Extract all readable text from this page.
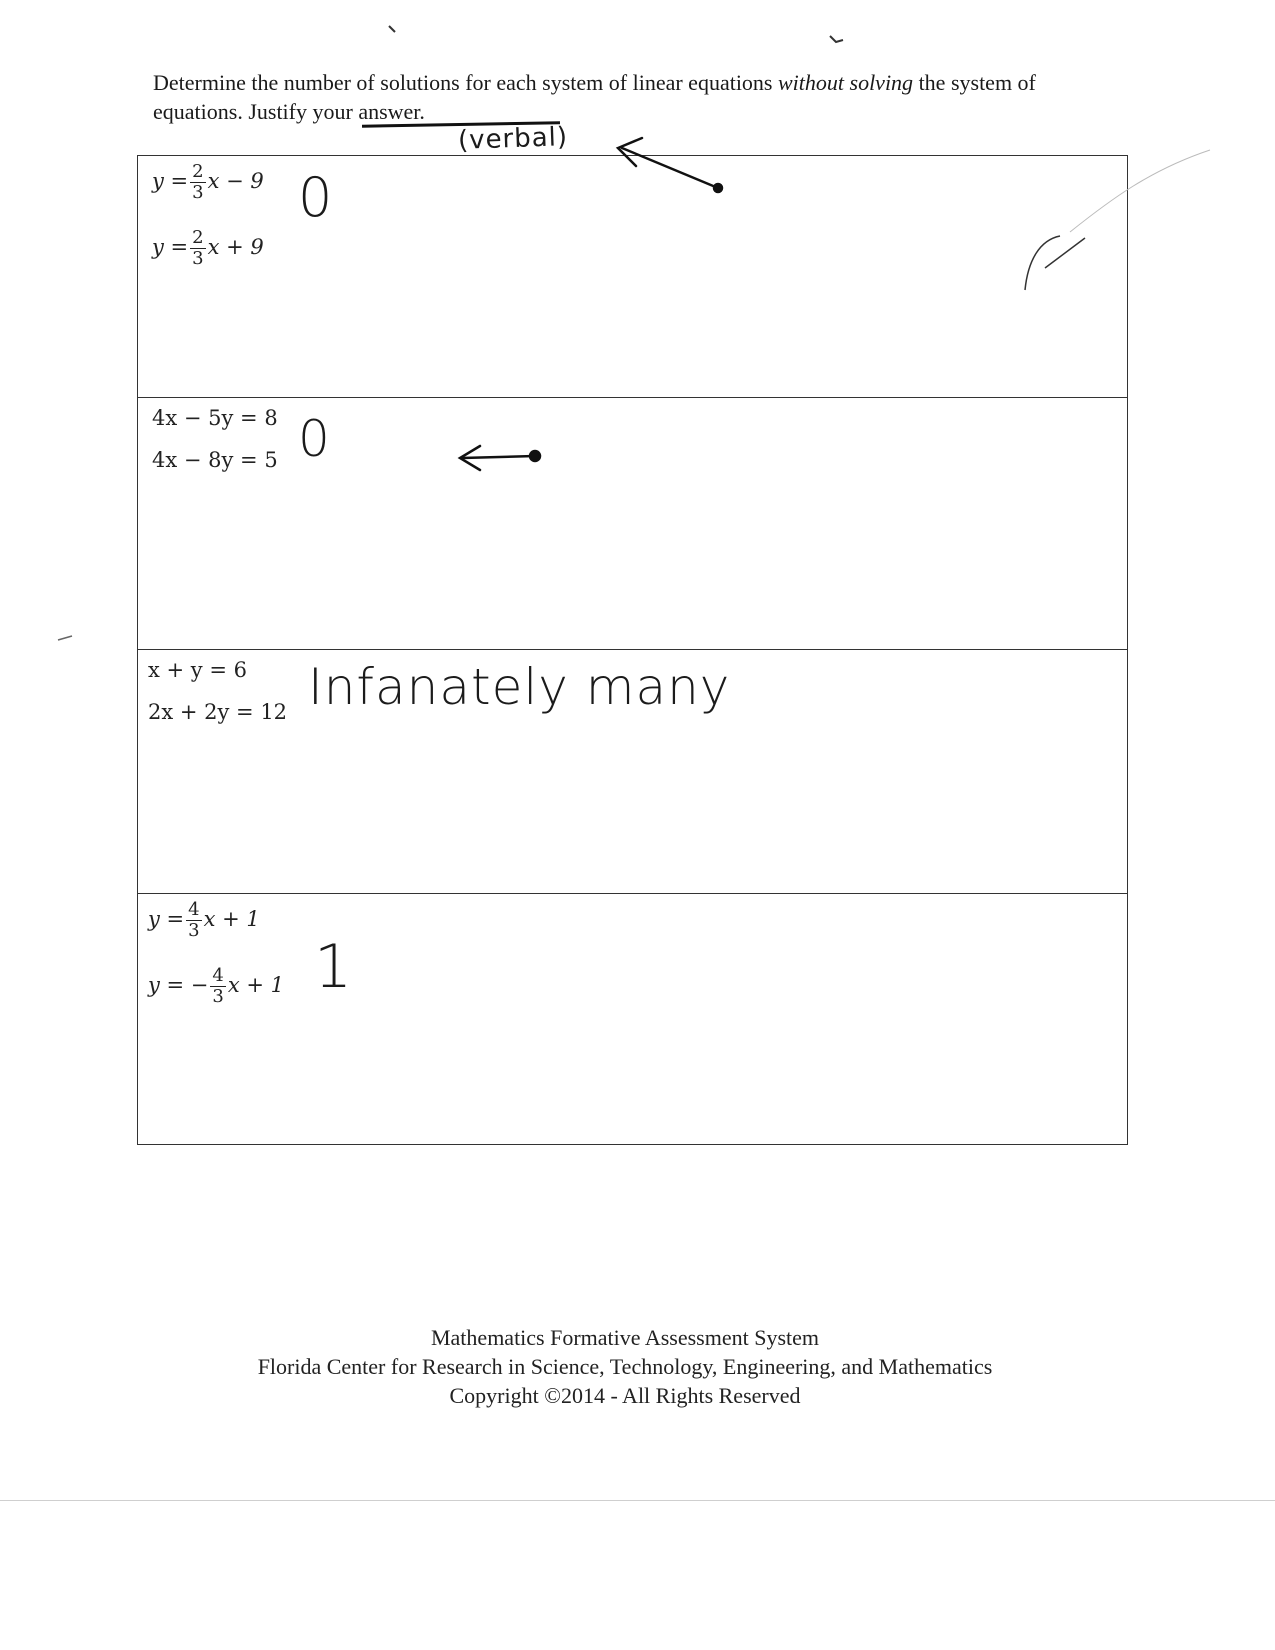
Determine the number of solutions for each system of linear equations without solving the system of equations. Justify your answer.
(verbal)
$y = \frac{2}{3}$ x − 9
$y = \frac{2}{3}$ x + 9
0
4x − 5y = 8
4x − 8y = 5 0
x + y = 6
2x + 2y = 12 Infanately many
$y = \frac{4}{3}$ x + 1
y = − $\frac{4}{3}$ x + 1 1
Mathematics Formative Assessment System
Florida Center for Research in Science, Technology, Engineering, and Mathematics
Copyright ©2014 - All Rights Reserved
